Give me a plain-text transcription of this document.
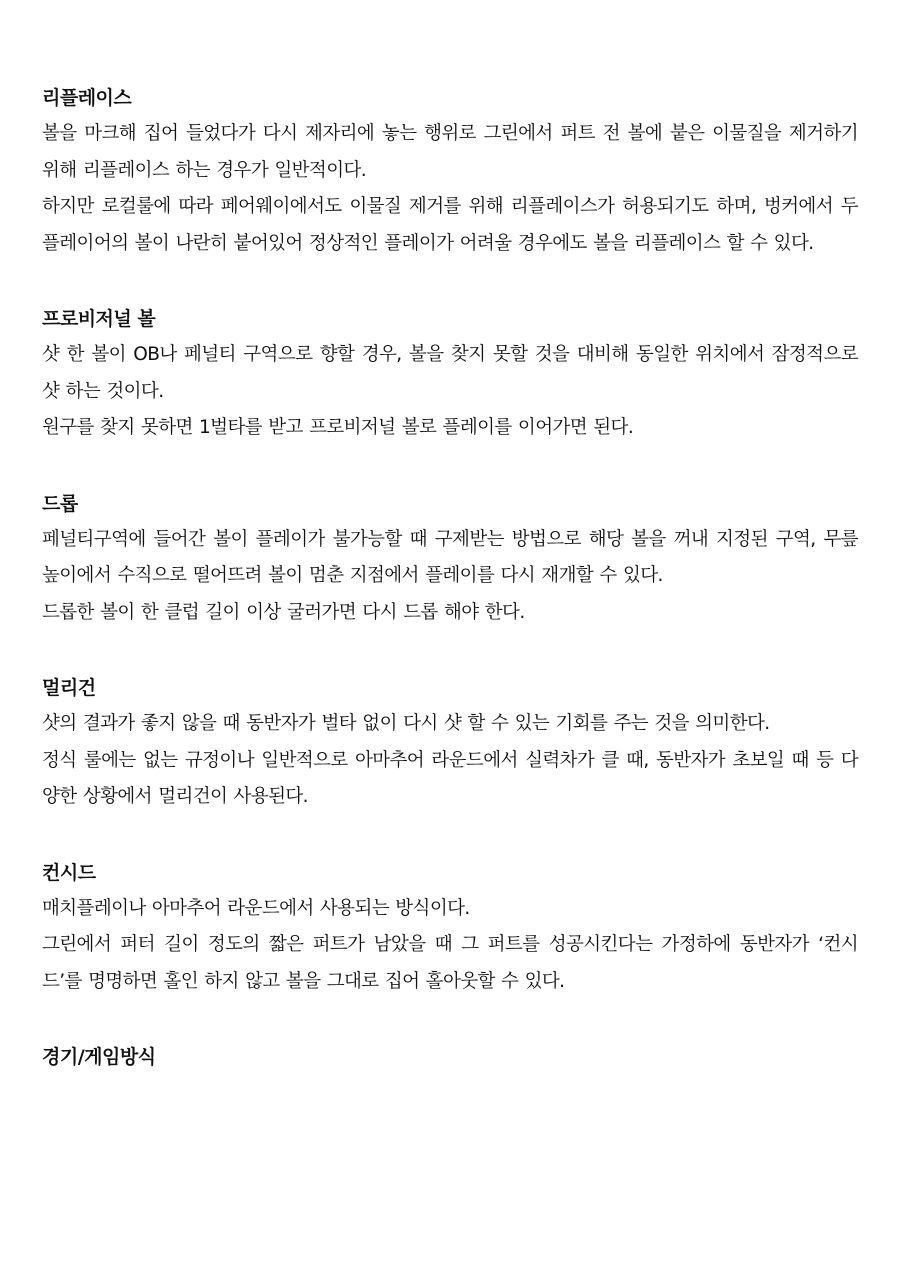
리플레이스

볼을 마크해 집어 들었다가 다시 제자리에 놓는 행위로 그린에서 퍼트 전 볼에 붙은 이물질을 제거하기 위해 리플레이스 하는 경우가 일반적이다.

하지만 로컬룰에 따라 페어웨이에서도 이물질 제거를 위해 리플레이스가 허용되기도 하며, 벙커에서 두 플레이어의 볼이 나란히 붙어있어 정상적인 플레이가 어려울 경우에도 볼을 리플레이스 할 수 있다.

프로비저널 볼

샷 한 볼이 OB나 페널티 구역으로 향할 경우, 볼을 찾지 못할 것을 대비해 동일한 위치에서 잠정적으로 샷 하는 것이다.

원구를 찾지 못하면 1벌타를 받고 프로비저널 볼로 플레이를 이어가면 된다.

드롭

페널티구역에 들어간 볼이 플레이가 불가능할 때 구제받는 방법으로 해당 볼을 꺼내 지정된 구역, 무릎 높이에서 수직으로 떨어뜨려 볼이 멈춘 지점에서 플레이를 다시 재개할 수 있다.

드롭한 볼이 한 클럽 길이 이상 굴러가면 다시 드롭 해야 한다.

멀리건

샷의 결과가 좋지 않을 때 동반자가 벌타 없이 다시 샷 할 수 있는 기회를 주는 것을 의미한다.

정식 룰에는 없는 규정이나 일반적으로 아마추어 라운드에서 실력차가 클 때, 동반자가 초보일 때 등 다양한 상황에서 멀리건이 사용된다.

컨시드

매치플레이나 아마추어 라운드에서 사용되는 방식이다.

그린에서 퍼터 길이 정도의 짧은 퍼트가 남았을 때 그 퍼트를 성공시킨다는 가정하에 동반자가 ‘컨시드’를 명명하면 홀인 하지 않고 볼을 그대로 집어 홀아웃할 수 있다.

경기/게임방식
